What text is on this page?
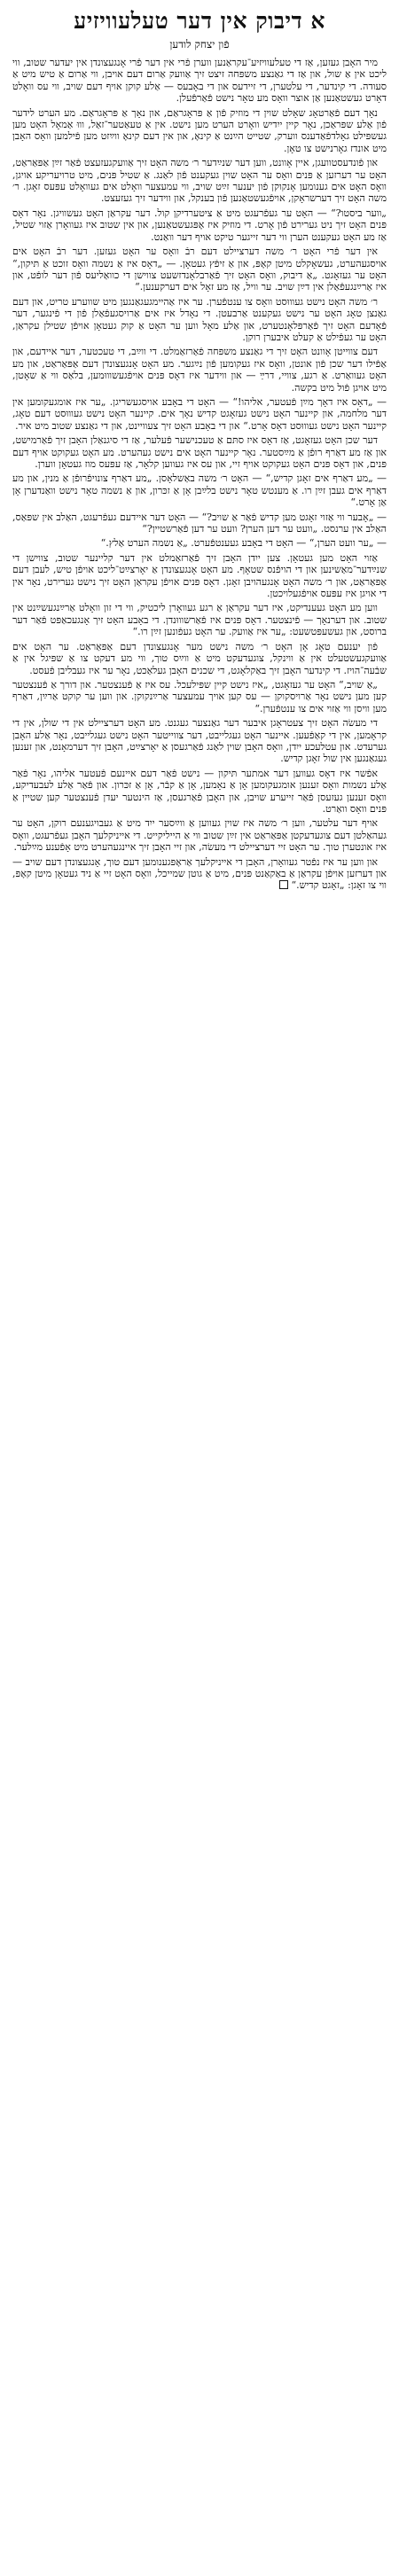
א דיבוק אין דער טעלעוויזיע
פֿון יצחק לודען

מיר האָבן געזען, אַז די טעלעוויזיע־עקראַנען ווערן פֿרי אין דער פֿרי אָנגעצונדן אין יעדער שטוב, ווי ליכט אין אַ שול, און אַז די גאַנצע משפּחה זיצט זיך אַוועק אַרום דעם אויבן, ווי אַרום אַ טיש מיט אַ סעודה. די קינדער, די עלטערן, די זיידעס און די באָבעס — אַלע קוקן אויף דעם שויב, ווי עס וואָלט דאָרט געשטאַנען אַן אוצר וואָס מע טאָר נישט פֿאַרפֿעלן.

נאָך דעם פֿאַרטאָג שאָלט שוין די מוזיק פֿון אַ פּראָגראַם, און נאָך אַ פּראָגראַם. מע הערט לידער פֿון אַלע שפּראַכן, נאָר קיין ייִדיש וואָרט הערט מען נישט. אין אַ טעאַטער־זאַל, וווּ אַמאָל האָט מען געשפּילט גאָלדפֿאַדענס ווערק, שטייט הײַנט אַ קינאָ, און אין דעם קינאָ ווײַזט מען פֿילמען וואָס האָבן מיט אונדז גאָרנישט צו טאָן.

און פֿונדעסטוועגן, איין אָוונט, ווען דער שנײַדער ר׳ משה האָט זיך אַוועקגעזעצט פֿאַר זײַן אַפּאַראַט, האָט ער דערזען אַ פּנים וואָס ער האָט שוין געקענט פֿון לאַנג. אַ שטיל פּנים, מיט טרויעריקע אויגן, וואָס האָט אים גענומען אָנקוקן פֿון יענער זײַט שויב, ווי עמעצער וואָלט אים געוואָלט עפּעס זאָגן. ר׳ משה האָט זיך דערשראָקן, אויפֿגעשטאַנען פֿון בענקל, און ווידער זיך געזעצט.

„ווער ביסטו?“ — האָט ער געפֿרעגט מיט אַ ציטערדיקן קול. דער עקראַן האָט געשוויגן. נאָר דאָס פּנים האָט זיך ניט גערירט פֿון אָרט. די מוזיק איז אָפּגעשטאַנען, און אין שטוב איז געוואָרן אַזוי שטיל, אַז מע האָט געקענט הערן ווי דער זייגער טיקט אויף דער וואַנט.

אין דער פֿרי האָט ר׳ משה דערציילט דעם רבֿ וואָס ער האָט געזען. דער רבֿ האָט אים אויסגעהערט, געשאָקלט מיטן קאָפּ, און אַ זיפֿץ געטאָן. — „דאָס איז אַ נשמה וואָס זוכט אַ תּיקון,“ האָט ער געזאָגט. „אַ דיבוק, וואָס האָט זיך פֿאַרבלאָנדזשעט צווישן די כוואַליעס פֿון דער לופֿט, און איז אַרײַנגעפֿאַלן אין דײַן שויב. ער וויל, אַז מע זאָל אים דערקענען.“

ר׳ משה האָט נישט געוווּסט וואָס צו ענטפֿערן. ער איז אַהיימגעגאַנגען מיט שווערע טריט, און דעם גאַנצן טאָג האָט ער נישט געקענט אַרבעטן. די נאָדל איז אים אַרויסגעפֿאַלן פֿון די פֿינגער, דער פֿאָדעם האָט זיך פֿאַרפּלאָנטערט, און אַלע מאָל ווען ער האָט אַ קוק געטאָן אויפֿן שטילן עקראַן, האָט ער געפֿילט אַ קעלט איבערן רוקן.

דעם צווייטן אָוונט האָט זיך די גאַנצע משפּחה פֿאַרזאַמלט. די ווײַב, די טעכטער, דער איידעם, און אַפֿילו דער שכן פֿון אונטן, וואָס איז געקומען פֿון נײַגער. מע האָט אָנגעצונדן דעם אַפּאַראַט, און מע האָט געוואַרט. אַ רגע, צוויי, דרײַ — און ווידער איז דאָס פּנים אויפֿגעשוווּמען, בלאַס ווי אַ שאָטן, מיט אויגן פֿול מיט בקשה.

— „דאָס איז דאָך מײַן פֿעטער, אליהו!“ — האָט די באָבע אויסגעשריגן. „ער איז אומגעקומען אין דער מלחמה, און קיינער האָט נישט געזאָגט קדיש נאָך אים. קיינער האָט נישט געוווּסט דעם טאָג, קיינער האָט נישט געוווּסט דאָס אָרט.“ און די באָבע האָט זיך צעוויינט, און די גאַנצע שטוב מיט איר.

דער שכן האָט געזאָגט, אַז דאָס איז סתּם אַ טעכנישער פֿעלער, אַז די סיגנאַלן האָבן זיך פֿאַרמישט, און אַז מע דאַרף רופֿן אַ מײַסטער. נאָר קיינער האָט אים נישט געהערט. מע האָט געקוקט אויף דעם פּנים, און דאָס פּנים האָט געקוקט אויף זיי, און עס איז געווען קלאָר, אַז עפּעס מוז געטאָן ווערן.

— „מע דאַרף אים זאָגן קדיש,“ — האָט ר׳ משה באַשלאָסן. „מע דאַרף צונויפֿרופֿן אַ מנין, און מע דאַרף אים געבן זײַן רו. אַ מענטש טאָר נישט בלײַבן אָן אַ זכּרון, און אַ נשמה טאָר נישט וואַנדערן אָן אַן אָרט.“

— „אָבער ווי אַזוי זאָגט מען קדיש פֿאַר אַ שויב?“ — האָט דער איידעם געפֿרעגט, האַלב אין שפּאַס, האַלב אין ערנסט. „וועט ער דען הערן? וועט ער דען פֿאַרשטיין?“

— „ער וועט הערן,“ — האָט די באָבע געענטפֿערט. „אַ נשמה הערט אַלץ.“

אַזוי האָט מען געטאָן. צען ייִדן האָבן זיך פֿאַרזאַמלט אין דער קליינער שטוב, צווישן די שנײַדער־מאַשינען און די הויפֿנס שטאָף. מע האָט אָנגעצונדן אַ יאָרצײַט־ליכט אויפֿן טיש, לעבן דעם אַפּאַראַט, און ר׳ משה האָט אָנגעהויבן זאָגן. דאָס פּנים אויפֿן עקראַן האָט זיך נישט גערירט, נאָר אין די אויגן איז עפּעס אויפֿגעלויכטן.

ווען מע האָט געענדיקט, איז דער עקראַן אַ רגע געוואָרן ליכטיק, ווי די זון וואָלט אַרײַנגעשײַנט אין שטוב. און דערנאָך — פֿינצטער. דאָס פּנים איז פֿאַרשוווּנדן. די באָבע האָט זיך אָנגעכאַפּט פֿאַר דער ברוסט, און געשעפּטשעט: „ער איז אַוועק. ער האָט געפֿונען זײַן רו.“

פֿון יענעם טאָג אָן האָט ר׳ משה נישט מער אָנגעצונדן דעם אַפּאַראַט. ער האָט אים אַוועקגעשטעלט אין אַ ווינקל, צוגעדעקט מיט אַ ווײַס טוך, ווי מע דעקט צו אַ שפּיגל אין אַ שבֿעה־הויז. די קינדער האָבן זיך באַקלאָגט, די שכנים האָבן געלאַכט, נאָר ער איז געבליבן פֿעסט.

„אַ שויב,“ האָט ער געזאָגט, „איז נישט קיין שפּילעכל. עס איז אַ פֿענצטער. און דורך אַ פֿענצטער קען מען נישט נאָר אַרויסקוקן — עס קען אויך עמעצער אַרײַנקוקן. און ווען ער קוקט אַרײַן, דאַרף מען וויסן ווי אַזוי אים צו ענטפֿערן.“

די מעשׂה האָט זיך צעטראָגן איבער דער גאַנצער געגנט. מע האָט דערציילט אין די שולן, אין די קראָמען, אין די קאַפֿעען. איינער האָט געגלייבט, דער צווייטער האָט נישט געגלייבט, נאָר אַלע האָבן גערעדט. און עטלעכע ייִדן, וואָס האָבן שוין לאַנג פֿאַרגעסן אַ יאָרצײַט, האָבן זיך דערמאָנט, און זענען געגאַנגען אין שול זאָגן קדיש.

אפֿשר איז דאָס געווען דער אמתער תּיקון — נישט פֿאַר דעם איינעם פֿעטער אליהו, נאָר פֿאַר אַלע נשמות וואָס זענען אומגעקומען אָן אַ נאָמען, אָן אַ קבֿר, אָן אַ זכּרון. און פֿאַר אַלע לעבעדיקע, וואָס זענען געזעסן פֿאַר זייערע שויבן, און האָבן פֿאַרגעסן, אַז הינטער יעדן פֿענצטער קען שטיין אַ פּנים וואָס וואַרט.

אויף דער עלטער, ווען ר׳ משה איז שוין געווען אַ ווײַסער ייִד מיט אַ געבויגענעם רוקן, האָט ער געהאַלטן דעם צוגעדעקטן אַפּאַראַט אין זײַן שטוב ווי אַ הייליקייט. די אייניקלעך האָבן געפֿרעגט, וואָס איז אונטערן טוך. ער האָט זיי דערציילט די מעשׂה, און זיי האָבן זיך איינגעהערט מיט אָפֿענע מײַלער.

און ווען ער איז נפֿטר געוואָרן, האָבן די אייניקלעך אַראָפּגענומען דעם טוך, אָנגעצונדן דעם שויב — און דערזען אויפֿן עקראַן אַ באַקאַנט פּנים, מיט אַ גוטן שמייכל, וואָס האָט זיי אַ ניד געטאָן מיטן קאָפּ, ווי צו זאָגן: „זאָגט קדיש.“
